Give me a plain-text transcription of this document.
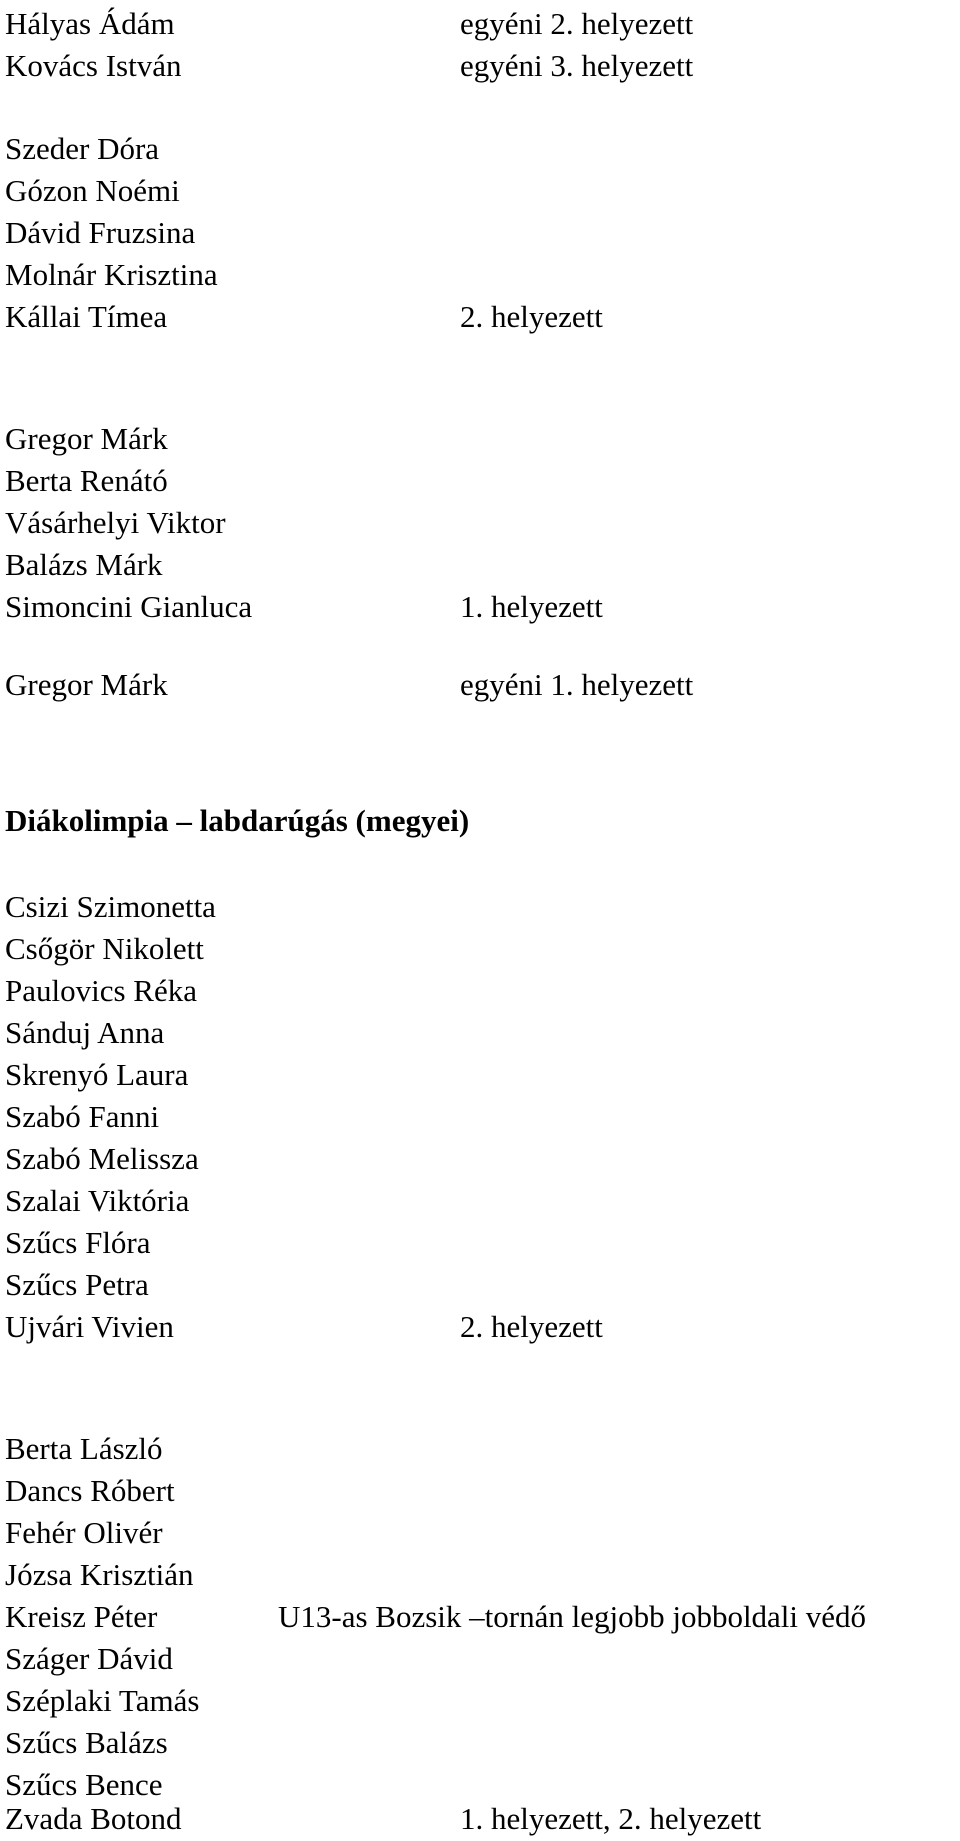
Hályas Ádám	egyéni 2. helyezett
Kovács István	egyéni 3. helyezett
Szeder Dóra
Gózon Noémi
Dávid Fruzsina
Molnár Krisztina
Kállai Tímea	2. helyezett
Gregor Márk
Berta Renátó
Vásárhelyi Viktor
Balázs Márk
Simoncini Gianluca	1. helyezett
Gregor Márk	egyéni 1. helyezett
Diákolimpia – labdarúgás (megyei)
Csizi Szimonetta
Csőgör Nikolett
Paulovics Réka
Sánduj Anna
Skrenyó Laura
Szabó Fanni
Szabó Melissza
Szalai Viktória
Szűcs Flóra
Szűcs Petra
Ujvári Vivien	2. helyezett
Berta László
Dancs Róbert
Fehér Olivér
Józsa Krisztián
Kreisz Péter	U13-as Bozsik –tornán legjobb jobboldali védő
Száger Dávid
Széplaki Tamás
Szűcs Balázs
Szűcs Bence
Zvada Botond	1. helyezett, 2. helyezett
